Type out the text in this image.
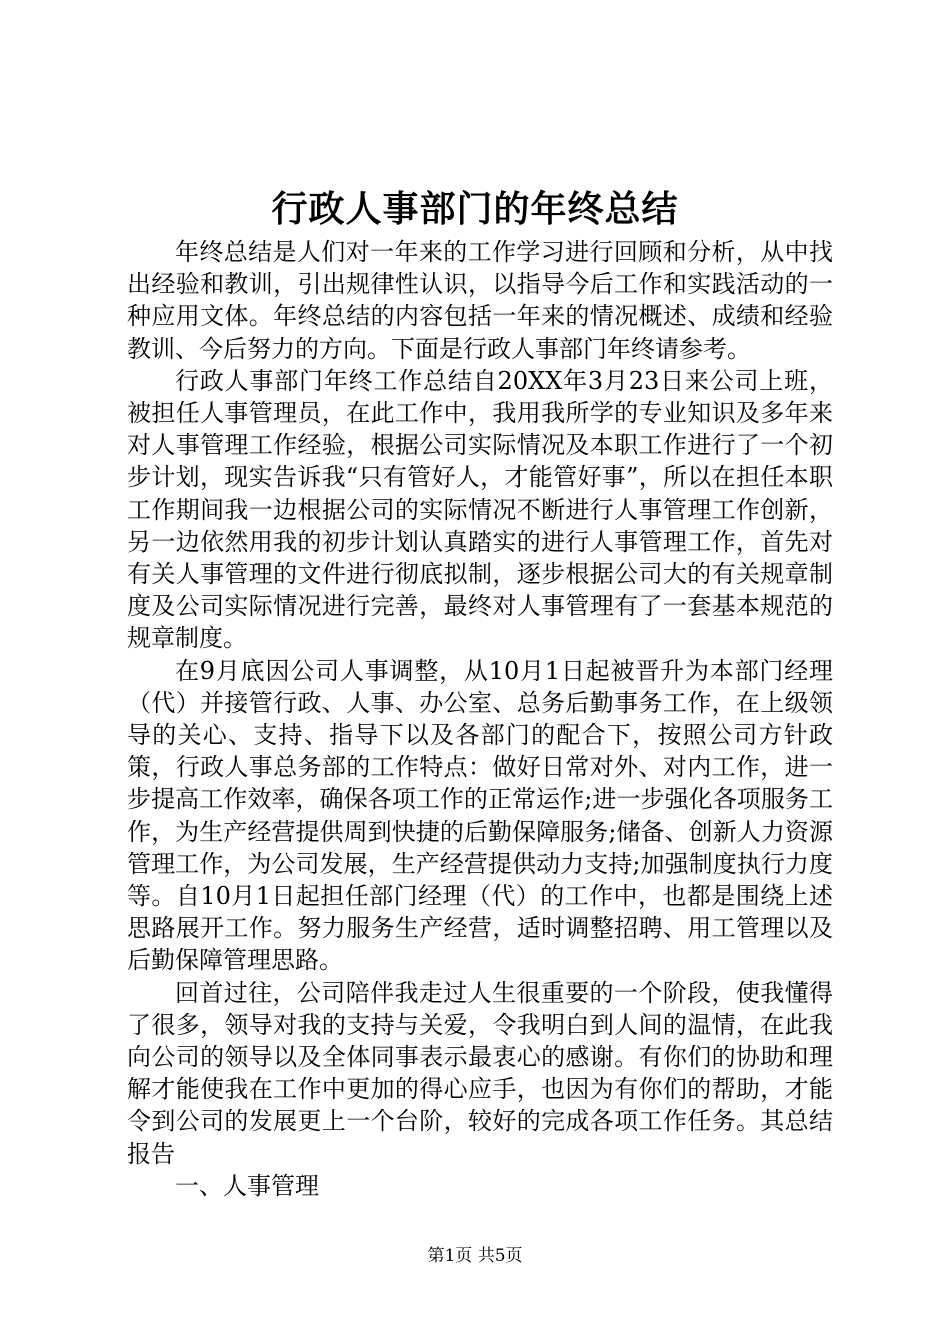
行政人事部门的年终总结

年终总结是人们对一年来的工作学习进行回顾和分析，从中找出经验和教训，引出规律性认识，以指导今后工作和实践活动的一种应用文体。年终总结的内容包括一年来的情况概述、成绩和经验教训、今后努力的方向。下面是行政人事部门年终请参考。

行政人事部门年终工作总结自20XX年3月23日来公司上班，被担任人事管理员，在此工作中，我用我所学的专业知识及多年来对人事管理工作经验，根据公司实际情况及本职工作进行了一个初步计划，现实告诉我“只有管好人，才能管好事”，所以在担任本职工作期间我一边根据公司的实际情况不断进行人事管理工作创新，另一边依然用我的初步计划认真踏实的进行人事管理工作，首先对有关人事管理的文件进行彻底拟制，逐步根据公司大的有关规章制度及公司实际情况进行完善，最终对人事管理有了一套基本规范的规章制度。

在9月底因公司人事调整，从10月1日起被晋升为本部门经理（代）并接管行政、人事、办公室、总务后勤事务工作，在上级领导的关心、支持、指导下以及各部门的配合下，按照公司方针政策，行政人事总务部的工作特点：做好日常对外、对内工作，进一步提高工作效率，确保各项工作的正常运作;进一步强化各项服务工作，为生产经营提供周到快捷的后勤保障服务;储备、创新人力资源管理工作，为公司发展，生产经营提供动力支持;加强制度执行力度等。自10月1日起担任部门经理（代）的工作中，也都是围绕上述思路展开工作。努力服务生产经营，适时调整招聘、用工管理以及后勤保障管理思路。

回首过往，公司陪伴我走过人生很重要的一个阶段，使我懂得了很多，领导对我的支持与关爱，令我明白到人间的温情，在此我向公司的领导以及全体同事表示最衷心的感谢。有你们的协助和理解才能使我在工作中更加的得心应手，也因为有你们的帮助，才能令到公司的发展更上一个台阶，较好的完成各项工作任务。其总结报告

一、人事管理

第1页 共5页
